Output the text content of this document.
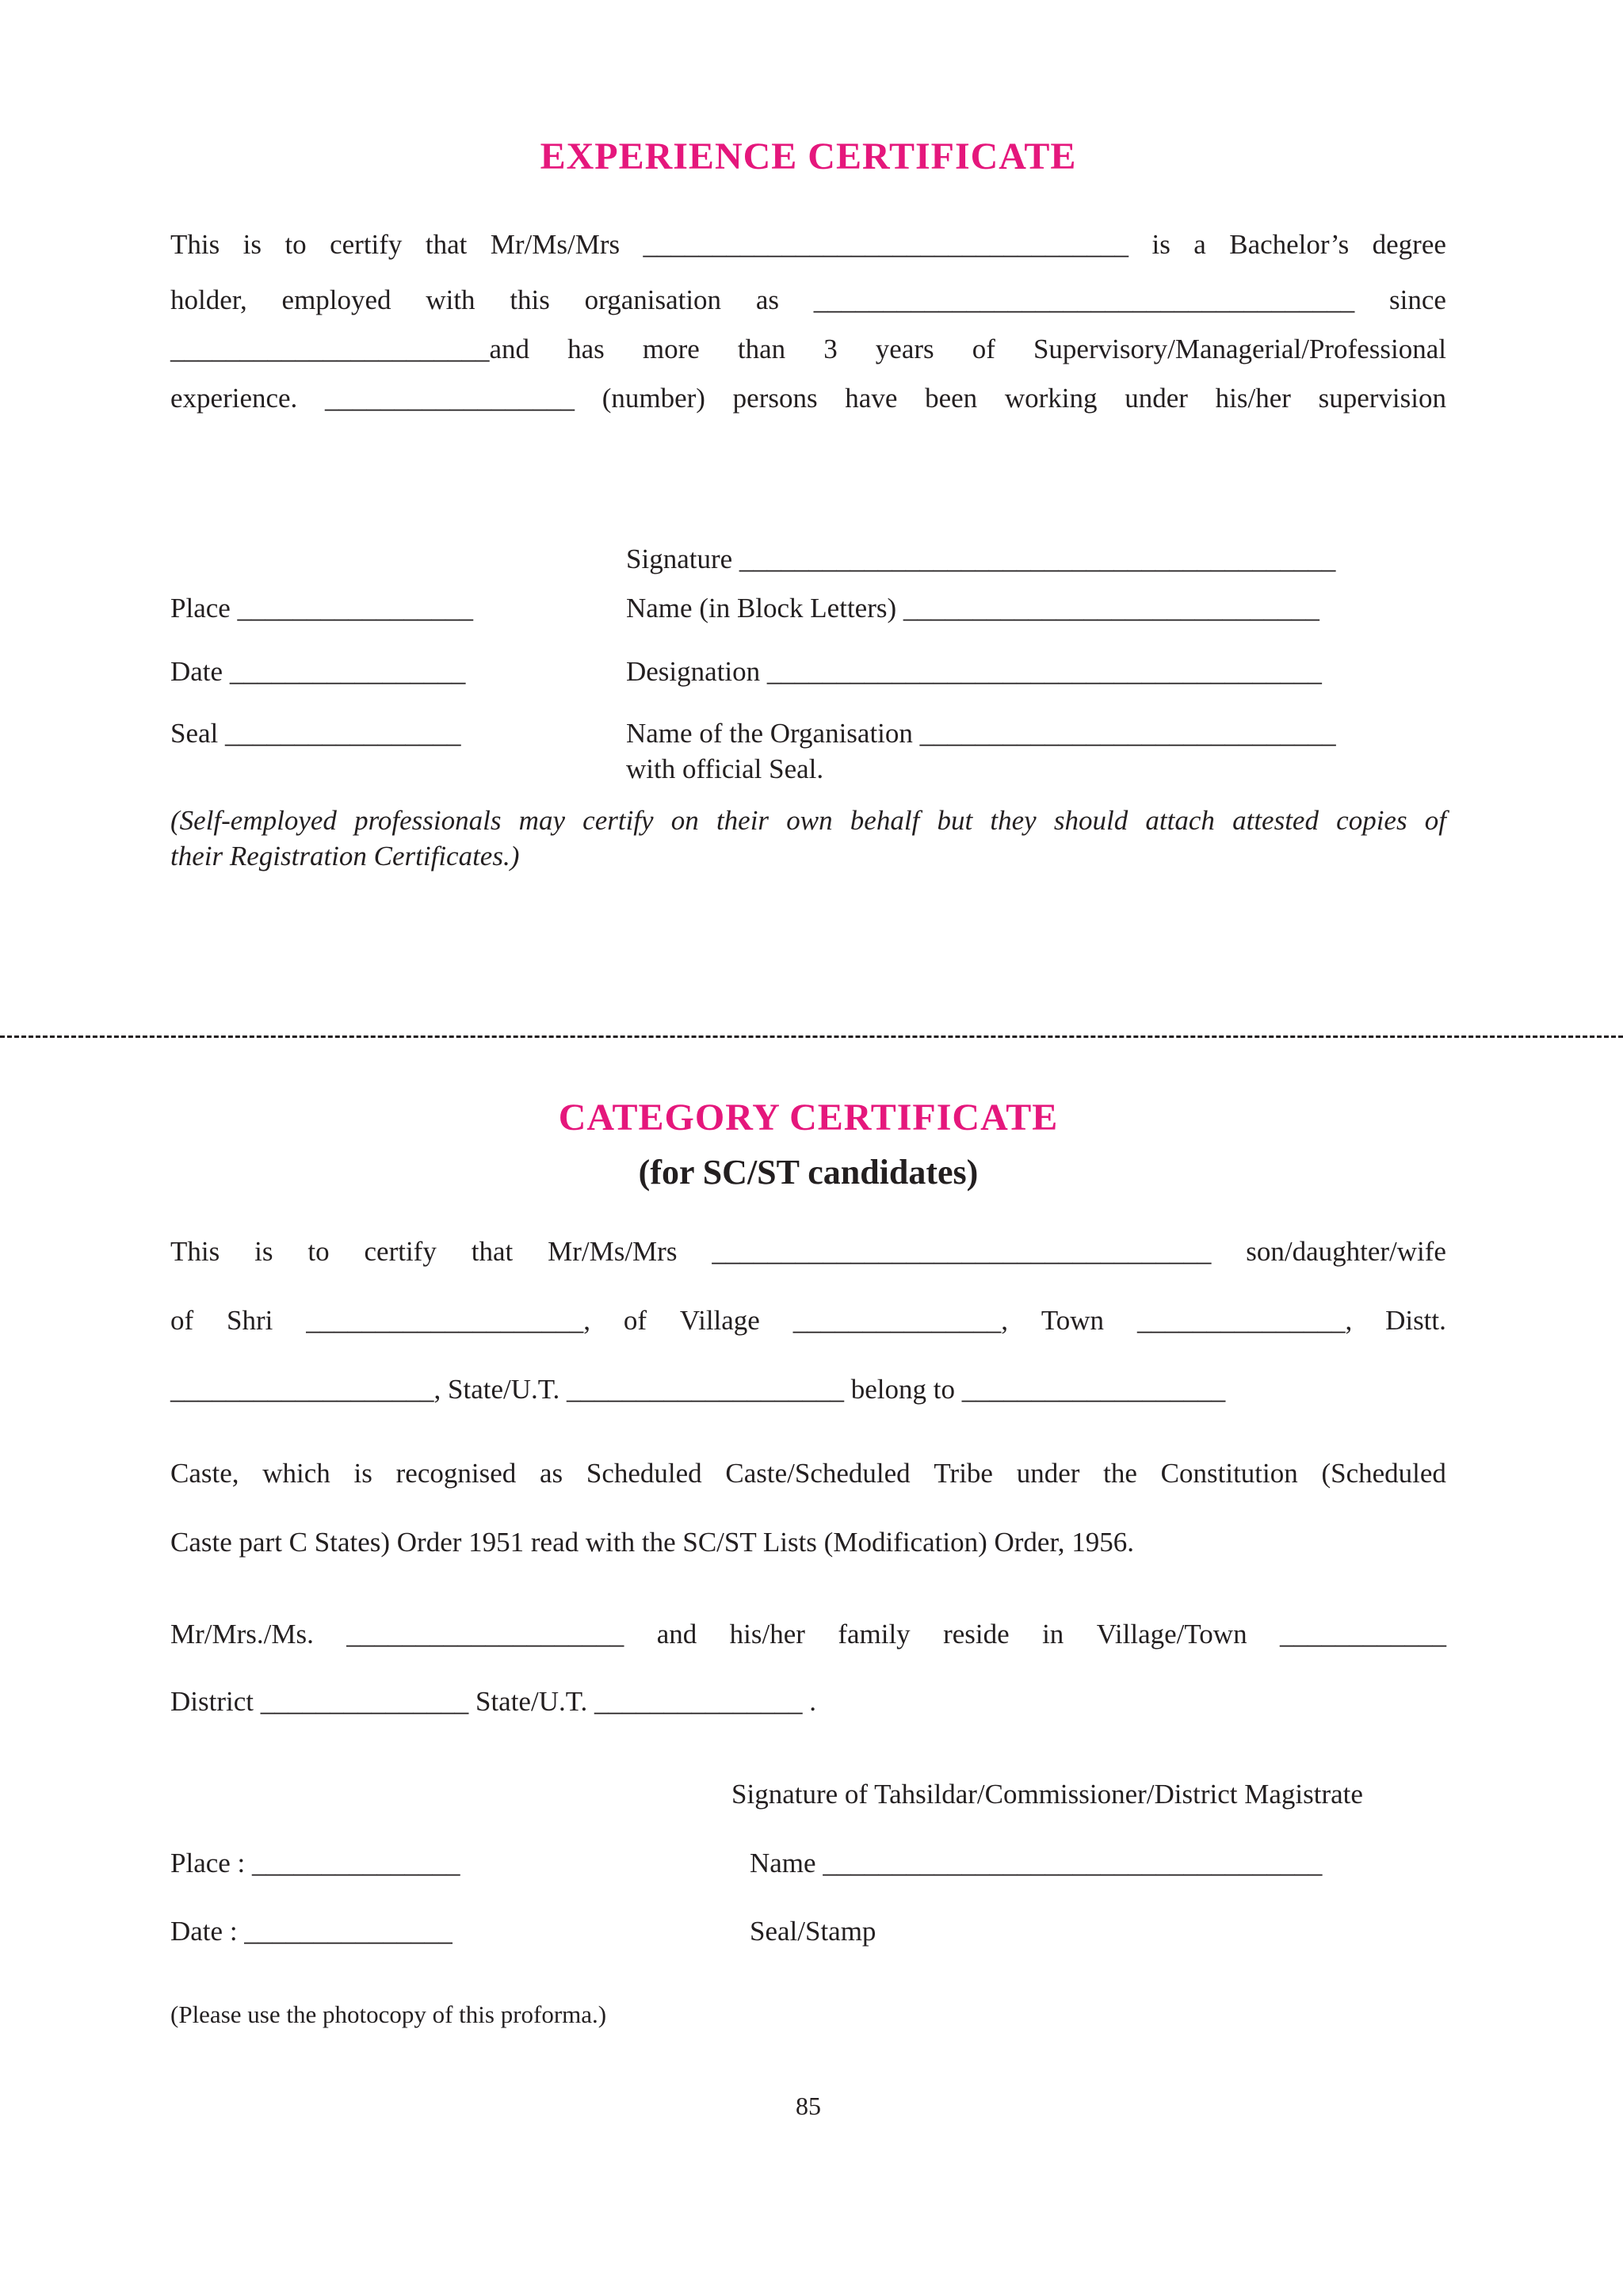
EXPERIENCE CERTIFICATE
This is to certify that Mr/Ms/Mrs ___________________________________ is a Bachelor’s degree
holder, employed with this organisation as _______________________________________ since
_______________________and has more than 3 years of Supervisory/Managerial/Professional
experience. __________________ (number) persons have been working under his/her supervision
Signature ___________________________________________
Place _________________	Name (in Block Letters) ______________________________
Date _________________	Designation ________________________________________
Seal _________________	Name of the Organisation ______________________________
with official Seal.
(Self-employed professionals may certify on their own behalf but they should attach attested copies of
their Registration Certificates.)
CATEGORY CERTIFICATE
(for SC/ST candidates)
This is to certify that Mr/Ms/Mrs ____________________________________ son/daughter/wife
of Shri ____________________, of Village _______________, Town _______________, Distt.
___________________, State/U.T. ____________________ belong to ___________________
Caste, which is recognised as Scheduled Caste/Scheduled Tribe under the Constitution (Scheduled
Caste part C States) Order 1951 read with the SC/ST Lists (Modification) Order, 1956.
Mr/Mrs./Ms. ____________________ and his/her family reside in Village/Town ____________
District _______________ State/U.T. _______________ .
Signature of Tahsildar/Commissioner/District Magistrate
Place : _______________	Name ____________________________________
Date : _______________	Seal/Stamp
(Please use the photocopy of this proforma.)
85
